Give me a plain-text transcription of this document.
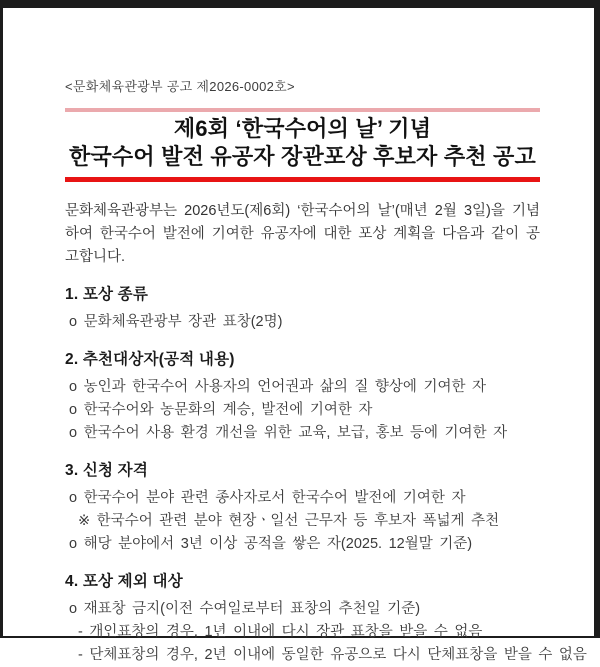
<문화체육관광부 공고 제2026-0002호>
제6회 ‘한국수어의 날’ 기념
한국수어 발전 유공자 장관포상 후보자 추천 공고

문화체육관광부는 2026년도(제6회) ‘한국수어의 날’(매년 2월 3일)을 기념하여 한국수어 발전에 기여한 유공자에 대한 포상 계획을 다음과 같이 공고합니다.

1. 포상 종류
o 문화체육관광부 장관 표창(2명)
2. 추천대상자(공적 내용)
o 농인과 한국수어 사용자의 언어권과 삶의 질 향상에 기여한 자
o 한국수어와 농문화의 계승, 발전에 기여한 자
o 한국수어 사용 환경 개선을 위한 교육, 보급, 홍보 등에 기여한 자
3. 신청 자격
o 한국수어 분야 관련 종사자로서 한국수어 발전에 기여한 자
※ 한국수어 관련 분야 현장ㆍ일선 근무자 등 후보자 폭넓게 추천
o 해당 분야에서 3년 이상 공적을 쌓은 자(2025. 12월말 기준)
4. 포상 제외 대상
o 재표창 금지(이전 수여일로부터 표창의 추천일 기준)
- 개인표창의 경우, 1년 이내에 다시 장관 표창을 받을 수 없음
- 단체표창의 경우, 2년 이내에 동일한 유공으로 다시 단체표창을 받을 수 없음
